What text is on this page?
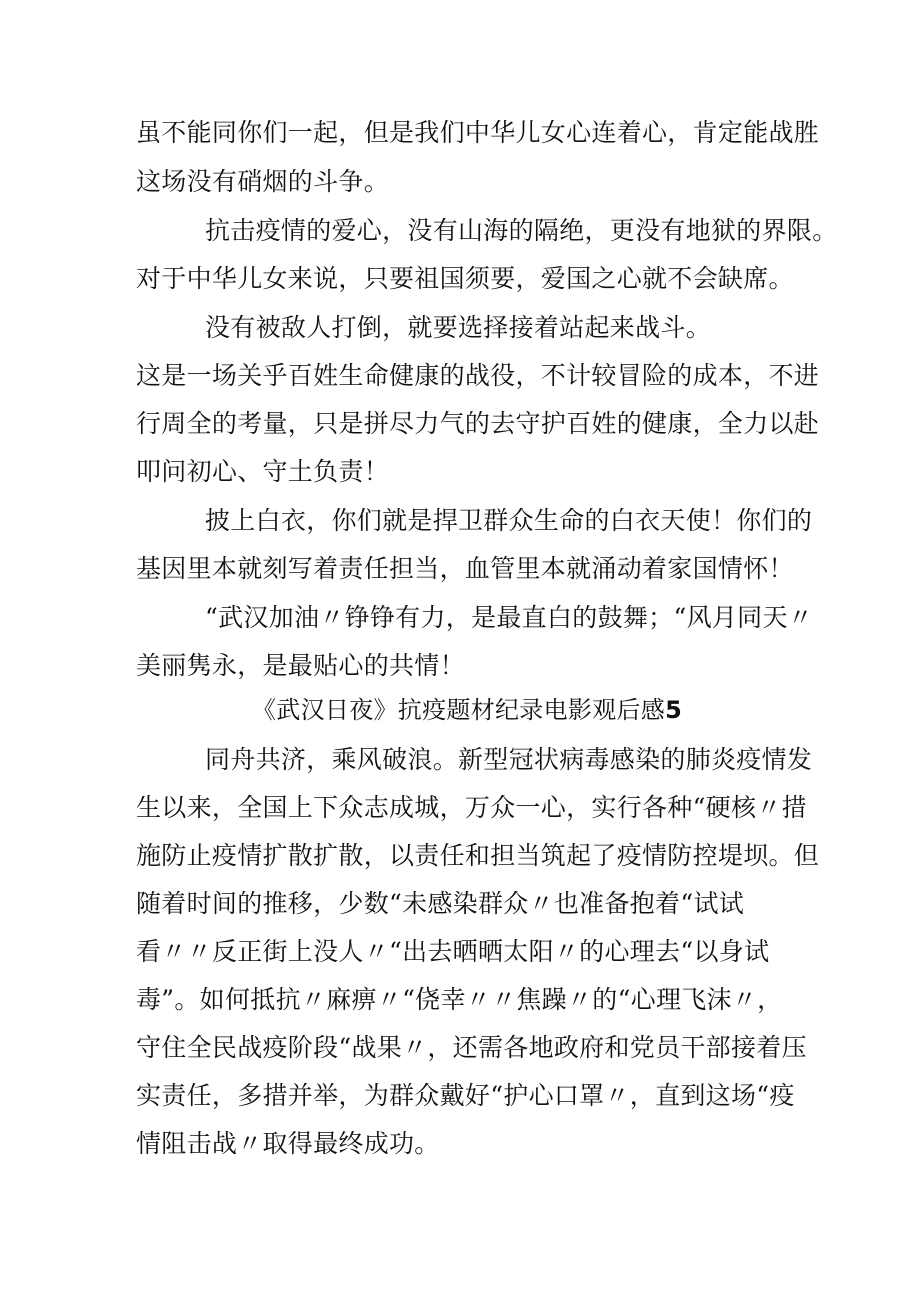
虽不能同你们一起，但是我们中华儿女心连着心，肯定能战胜
这场没有硝烟的斗争。
抗击疫情的爱心，没有山海的隔绝，更没有地狱的界限。
对于中华儿女来说，只要祖国须要，爱国之心就不会缺席。
没有被敌人打倒，就要选择接着站起来战斗。
这是一场关乎百姓生命健康的战役，不计较冒险的成本，不进
行周全的考量，只是拼尽力气的去守护百姓的健康，全力以赴
叩问初心、守土负责！
披上白衣，你们就是捍卫群众生命的白衣天使！你们的
基因里本就刻写着责任担当，血管里本就涌动着家国情怀！
“武汉加油〃铮铮有力，是最直白的鼓舞；“风月同天〃
美丽隽永，是最贴心的共情！
《武汉日夜》抗疫题材纪录电影观后感5
同舟共济，乘风破浪。新型冠状病毒感染的肺炎疫情发
生以来，全国上下众志成城，万众一心，实行各种“硬核〃措
施防止疫情扩散扩散，以责任和担当筑起了疫情防控堤坝。但
随着时间的推移，少数“未感染群众〃也准备抱着“试试
看〃〃反正街上没人〃“出去晒晒太阳〃的心理去“以身试
毒”。如何抵抗〃麻痹〃“侥幸〃〃焦躁〃的“心理飞沫〃，
守住全民战疫阶段“战果〃，还需各地政府和党员干部接着压
实责任，多措并举，为群众戴好“护心口罩〃，直到这场“疫
情阻击战〃取得最终成功。
